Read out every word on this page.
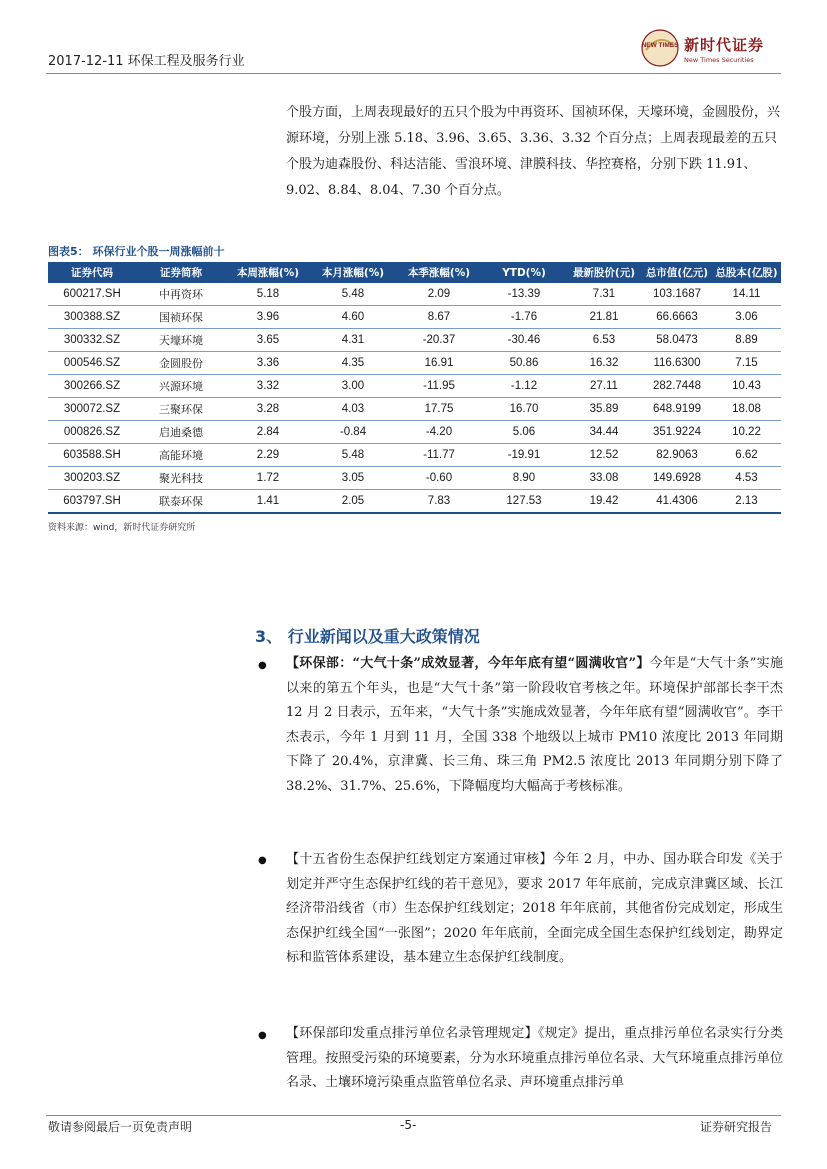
2017-12-11 环保工程及服务行业
NEW TIMES 新时代证券
New Times Securities
个股方面，上周表现最好的五只个股为中再资环、国祯环保，天壕环境，金圆股份，兴源环境，分别上涨 5.18、3.96、3.65、3.36、3.32 个百分点；上周表现最差的五只个股为迪森股份、科达洁能、雪浪环境、津膜科技、华控赛格，分别下跌 11.91、9.02、8.84、8.04、7.30 个百分点。
图表5： 环保行业个股一周涨幅前十
证券代码	证券简称	本周涨幅(%)	本月涨幅(%)	本季涨幅(%)	YTD(%)	最新股价(元)	总市值(亿元)	总股本(亿股)
600217.SH	中再资环	5.18	5.48	2.09	-13.39	7.31	103.1687	14.11
300388.SZ	国祯环保	3.96	4.60	8.67	-1.76	21.81	66.6663	3.06
300332.SZ	天壕环境	3.65	4.31	-20.37	-30.46	6.53	58.0473	8.89
000546.SZ	金圆股份	3.36	4.35	16.91	50.86	16.32	116.6300	7.15
300266.SZ	兴源环境	3.32	3.00	-11.95	-1.12	27.11	282.7448	10.43
300072.SZ	三聚环保	3.28	4.03	17.75	16.70	35.89	648.9199	18.08
000826.SZ	启迪桑德	2.84	-0.84	-4.20	5.06	34.44	351.9224	10.22
603588.SH	高能环境	2.29	5.48	-11.77	-19.91	12.52	82.9063	6.62
300203.SZ	聚光科技	1.72	3.05	-0.60	8.90	33.08	149.6928	4.53
603797.SH	联泰环保	1.41	2.05	7.83	127.53	19.42	41.4306	2.13
资料来源：wind，新时代证券研究所
3、 行业新闻以及重大政策情况
● 【环保部：“大气十条”成效显著，今年年底有望“圆满收官”】今年是“大气十条”实施以来的第五个年头，也是“大气十条”第一阶段收官考核之年。环境保护部部长李干杰 12 月 2 日表示，五年来，“大气十条”实施成效显著，今年年底有望“圆满收官”。李干杰表示，今年 1 月到 11 月，全国 338 个地级以上城市 PM10 浓度比 2013 年同期下降了 20.4%，京津冀、长三角、珠三角 PM2.5 浓度比 2013 年同期分别下降了 38.2%、31.7%、25.6%，下降幅度均大幅高于考核标准。
● 【十五省份生态保护红线划定方案通过审核】今年 2 月，中办、国办联合印发《关于划定并严守生态保护红线的若干意见》，要求 2017 年年底前，完成京津冀区域、长江经济带沿线省（市）生态保护红线划定；2018 年年底前，其他省份完成划定，形成生态保护红线全国“一张图”；2020 年年底前，全面完成全国生态保护红线划定，勘界定标和监管体系建设，基本建立生态保护红线制度。
● 【环保部印发重点排污单位名录管理规定】《规定》提出，重点排污单位名录实行分类管理。按照受污染的环境要素，分为水环境重点排污单位名录、大气环境重点排污单位名录、土壤环境污染重点监管单位名录、声环境重点排污单
敬请参阅最后一页免责声明	-5-	证券研究报告
